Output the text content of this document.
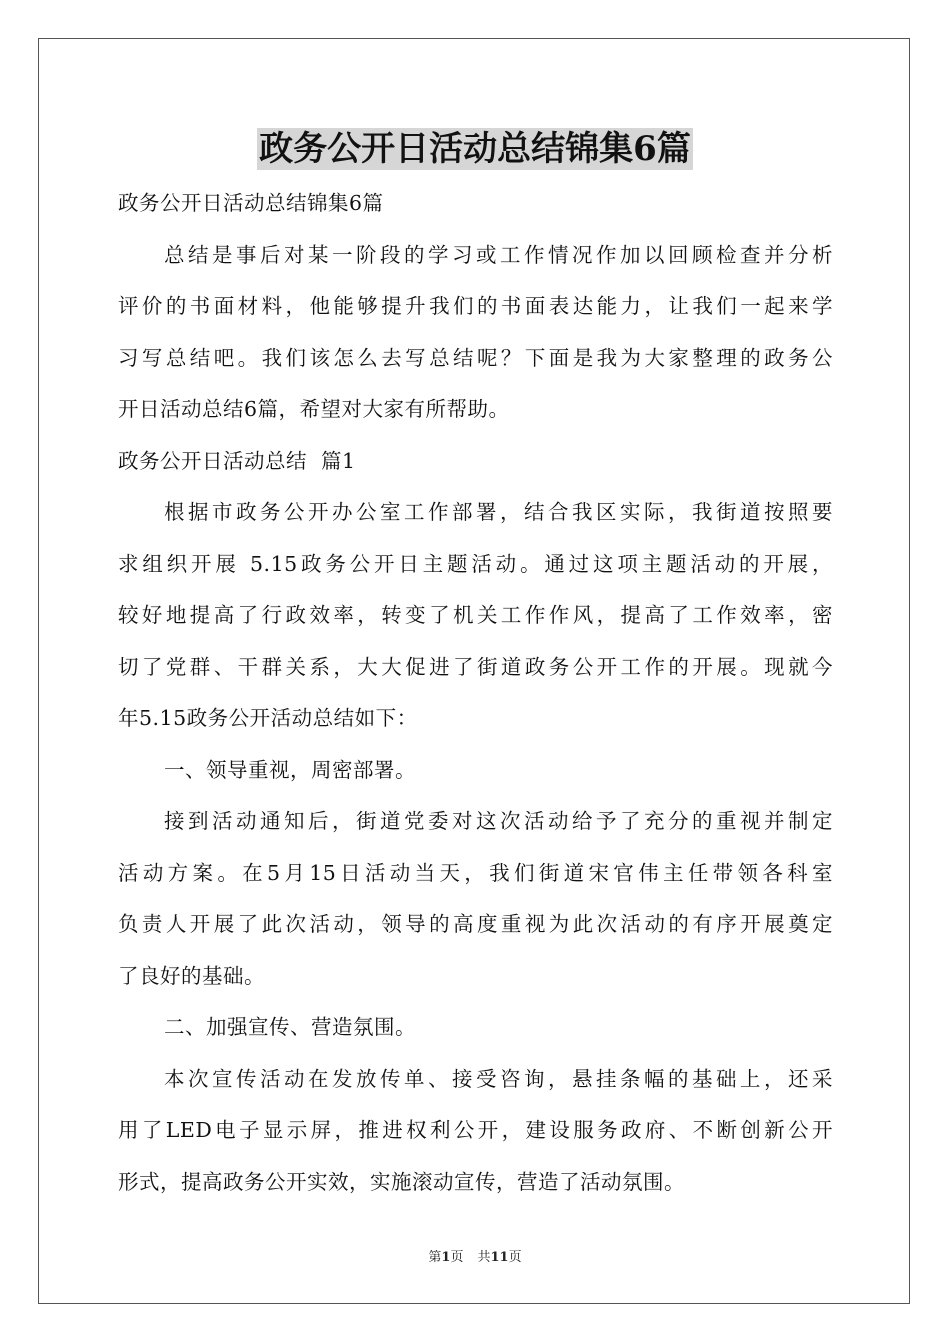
政务公开日活动总结锦集6篇
政务公开日活动总结锦集6篇
总结是事后对某一阶段的学习或工作情况作加以回顾检查并分析
评价的书面材料，他能够提升我们的书面表达能力，让我们一起来学
习写总结吧。我们该怎么去写总结呢？下面是我为大家整理的政务公
开日活动总结6篇，希望对大家有所帮助。
政务公开日活动总结  篇1
根据市政务公开办公室工作部署，结合我区实际，我街道按照要
求组织开展 5.15政务公开日主题活动。通过这项主题活动的开展，
较好地提高了行政效率，转变了机关工作作风，提高了工作效率，密
切了党群、干群关系，大大促进了街道政务公开工作的开展。现就今
年5.15政务公开活动总结如下：
一、领导重视，周密部署。
接到活动通知后，街道党委对这次活动给予了充分的重视并制定
活动方案。在5月15日活动当天，我们街道宋官伟主任带领各科室
负责人开展了此次活动，领导的高度重视为此次活动的有序开展奠定
了良好的基础。
二、加强宣传、营造氛围。
本次宣传活动在发放传单、接受咨询，悬挂条幅的基础上，还采
用了LED电子显示屏，推进权利公开，建设服务政府、不断创新公开
形式，提高政务公开实效，实施滚动宣传，营造了活动氛围。
第1页 共11页
